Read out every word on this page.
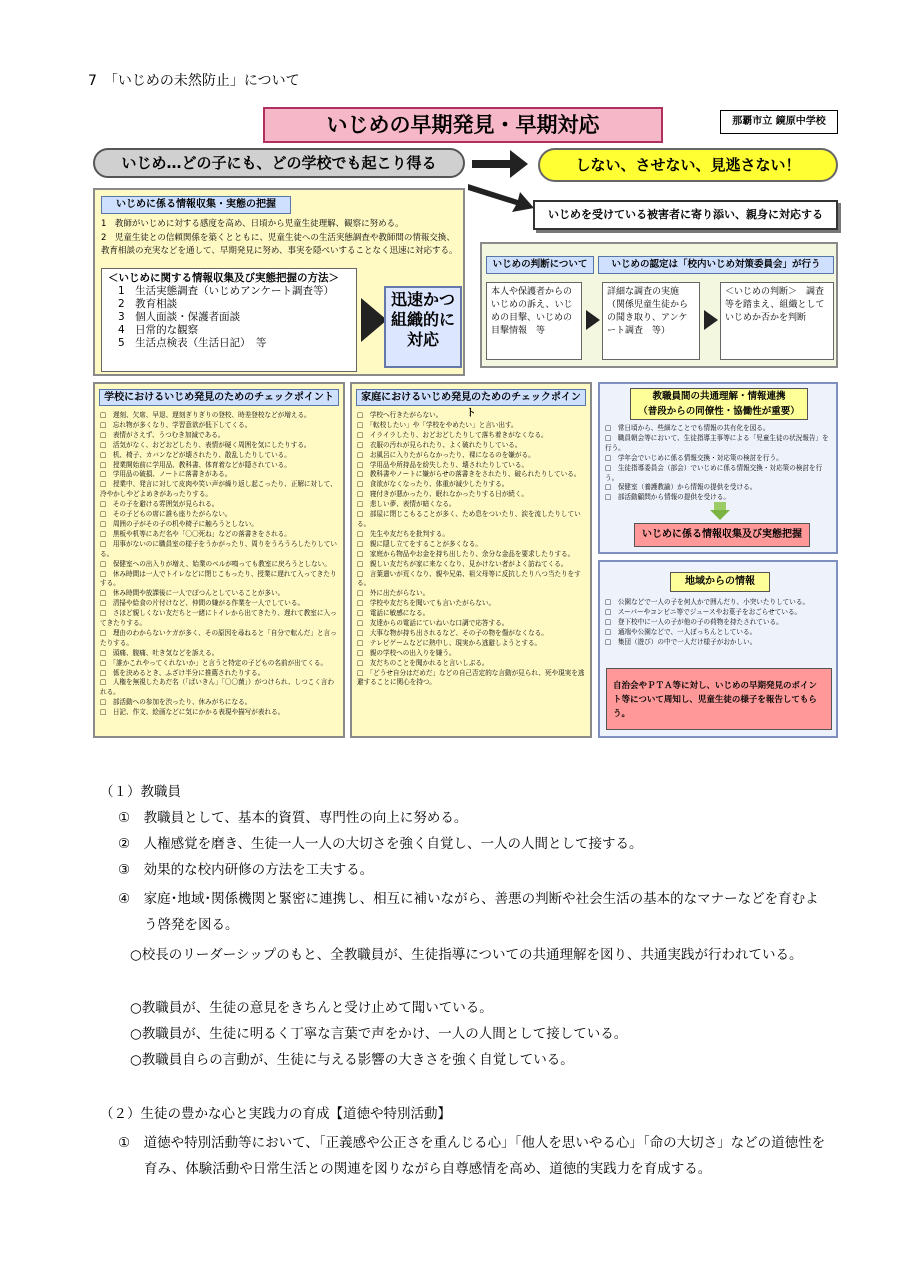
7　「いじめの未然防止」について
いじめの早期発見・早期対応	那覇市立 鏡原中学校
いじめ…どの子にも、どの学校でも起こり得る	しない、させない、見逃さない！
いじめを受けている被害者に寄り添い、親身に対応する
いじめに係る情報収集・実態の把握
1　教師がいじめに対する感度を高め、日頃から児童生徒理解、観察に努める。
2　児童生徒との信頼関係を築くとともに、児童生徒への生活実態調査や教師間の情報交換、
教育相談の充実などを通して、早期発見に努め、事実を隠ぺいすることなく迅速に対応する。
＜いじめに関する情報収集及び実態把握の方法＞
1　生活実態調査（いじめアンケート調査等）
2　教育相談
3　個人面談・保護者面談
4　日常的な観察
5　生活点検表（生活日記）　等
迅速かつ
組織的に
対応
いじめの判断について	いじめの認定は「校内いじめ対策委員会」が行う
本人や保護者からのいじめの訴え、いじめの目撃、いじめの目撃情報　等
詳細な調査の実施（関係児童生徒からの聞き取り、アンケート調査　等）
＜いじめの判断＞　調査等を踏まえ、組織としていじめか否かを判断
学校におけるいじめ発見のためのチェックポイント
□　遅刻、欠席、早退、遅刻ぎりぎりの登校、時差登校などが増える。
□　忘れ物が多くなり、学習意欲が低下してくる。
□　表情がさえず、うつむき加減である。
□　活気がなく、おどおどしたり、表情が硬く周囲を気にしたりする。
□　机、椅子、カバンなどが壊されたり、散乱したりしている。
□　授業開始前に学用品、教科書、体育着などが隠されている。
□　学用品の破損、ノートに落書きがある。
□　授業中、発言に対して皮肉や笑い声が繰り返し起こったり、正解に対して、冷やかしやどよめきがあったりする。
□　その子を避ける雰囲気が見られる。
□　その子どもの席に誰も座りたがらない。
□　周囲の子がその子の机や椅子に触ろうとしない。
□　黒板や机等にあだ名や「〇〇死ね」などの落書きをされる。
□　用事がないのに職員室の様子をうかがったり、周りをうろうろしたりしている。
□　保健室への出入りが増え、始業のベルが鳴っても教室に戻ろうとしない。
□　休み時間は一人でトイレなどに閉じこもったり、授業に遅れて入ってきたりする。
□　休み時間や放課後に一人でぽつんとしていることが多い。
□　清掃や給食の片付けなど、仲間の嫌がる作業を一人でしている。
□　さほど親しくない友だちと一緒にトイレから出てきたり、遅れて教室に入ってきたりする。
□　理由のわからないケガが多く、その原因を尋ねると「自分で転んだ」と言ったりする。
□　頭痛、腹痛、吐き気などを訴える。
□　「誰かこれやってくれないか」と言うと特定の子どもの名前が出てくる。
□　係を決めるとき、ふざけ半分に推薦されたりする。
□　人権を無視したあだ名（「ばいきん」「〇〇菌」）がつけられ、しつこく言われる。
□　部活動への参加を渋ったり、休みがちになる。
□　日記、作文、絵画などに気にかかる表現や描写が表れる。
家庭におけるいじめ発見のためのチェックポイント
□　学校へ行きたがらない。
□　「転校したい」や「学校をやめたい」と言い出す。
□　イライラしたり、おどおどしたりして落ち着きがなくなる。
□　衣服の汚れが見られたり、よく破れたりしている。
□　お風呂に入りたがらなかったり、裸になるのを嫌がる。
□　学用品や所持品を紛失したり、壊されたりしている。
□　教科書やノートに嫌がらせの落書きをされたり、破られたりしている。
□　食欲がなくなったり、体重が減少したりする。
□　寝付きが悪かったり、眠れなかったりする日が続く。
□　悲しい夢、表情が暗くなる。
□　部屋に閉じこもることが多く、ため息をついたり、涙を流したりしている。
□　先生や友だちを批判する。
□　親に隠し立てをすることが多くなる。
□　家庭から物品やお金を持ち出したり、余分な金品を要求したりする。
□　親しい友だちが家に来なくなり、見かけない者がよく訪ねてくる。
□　言葉遣いが荒くなり、親や兄弟、祖父母等に反抗したり八つ当たりをする。
□　外に出たがらない。
□　学校や友だちを聞いても言いたがらない。
□　電話に敏感になる。
□　友達からの電話にていねいな口調で応答する。
□　大事な物が持ち出されるなど、その子の物を傷がなくなる。
□　テレビゲームなどに熱中し、現実から逃避しようとする。
□　親の学校への出入りを嫌う。
□　友だちのことを聞かれると言いしぶる。
□　「どうせ自分はだめだ」などの自己否定的な言動が見られ、死や現実を逃避することに関心を持つ。
教職員間の共通理解・情報連携
（普段からの同僚性・協働性が重要）
□　常日頃から、些細なことでも情報の共有化を図る。
□　職員朝会等において、生徒指導主事等による「児童生徒の状況報告」を行う。
□　学年会でいじめに係る情報交換・対応策の検討を行う。
□　生徒指導委員会（部会）でいじめに係る情報交換・対応策の検討を行う。
□　保健室（養護教諭）から情報の提供を受ける。
□　部活動顧問から情報の提供を受ける。
いじめに係る情報収集及び実態把握
地域からの情報
□　公園などで一人の子を何人かで囲んだり、小突いたりしている。
□　スーパーやコンビニ等でジュースやお菓子をおごらせている。
□　登下校中に一人の子が他の子の荷物を持たされている。
□　通端や公園などで、一人ぼっちんとしている。
□　集団（遊び）の中で一人だけ様子がおかしい。
自治会やＰＴＡ等に対し、いじめの早期発見のポイント等について周知し、児童生徒の様子を報告してもらう。
（１）教職員
①　教職員として、基本的資質、専門性の向上に努める。
②　人権感覚を磨き、生徒一人一人の大切さを強く自覚し、一人の人間として接する。
③　効果的な校内研修の方法を工夫する。
④　家庭･地域･関係機関と緊密に連携し、相互に補いながら、善悪の判断や社会生活の基本的なマナーなどを育むよう啓発を図る。
○校長のリーダーシップのもと、全教職員が、生徒指導についての共通理解を図り、共通実践が行われている。
○教職員が、生徒の意見をきちんと受け止めて聞いている。
○教職員が、生徒に明るく丁寧な言葉で声をかけ、一人の人間として接している。
○教職員自らの言動が、生徒に与える影響の大きさを強く自覚している。
（２）生徒の豊かな心と実践力の育成【道徳や特別活動】
①　道徳や特別活動等において、「正義感や公正さを重んじる心」「他人を思いやる心」「命の大切さ」などの道徳性を育み、体験活動や日常生活との関連を図りながら自尊感情を高め、道徳的実践力を育成する。
